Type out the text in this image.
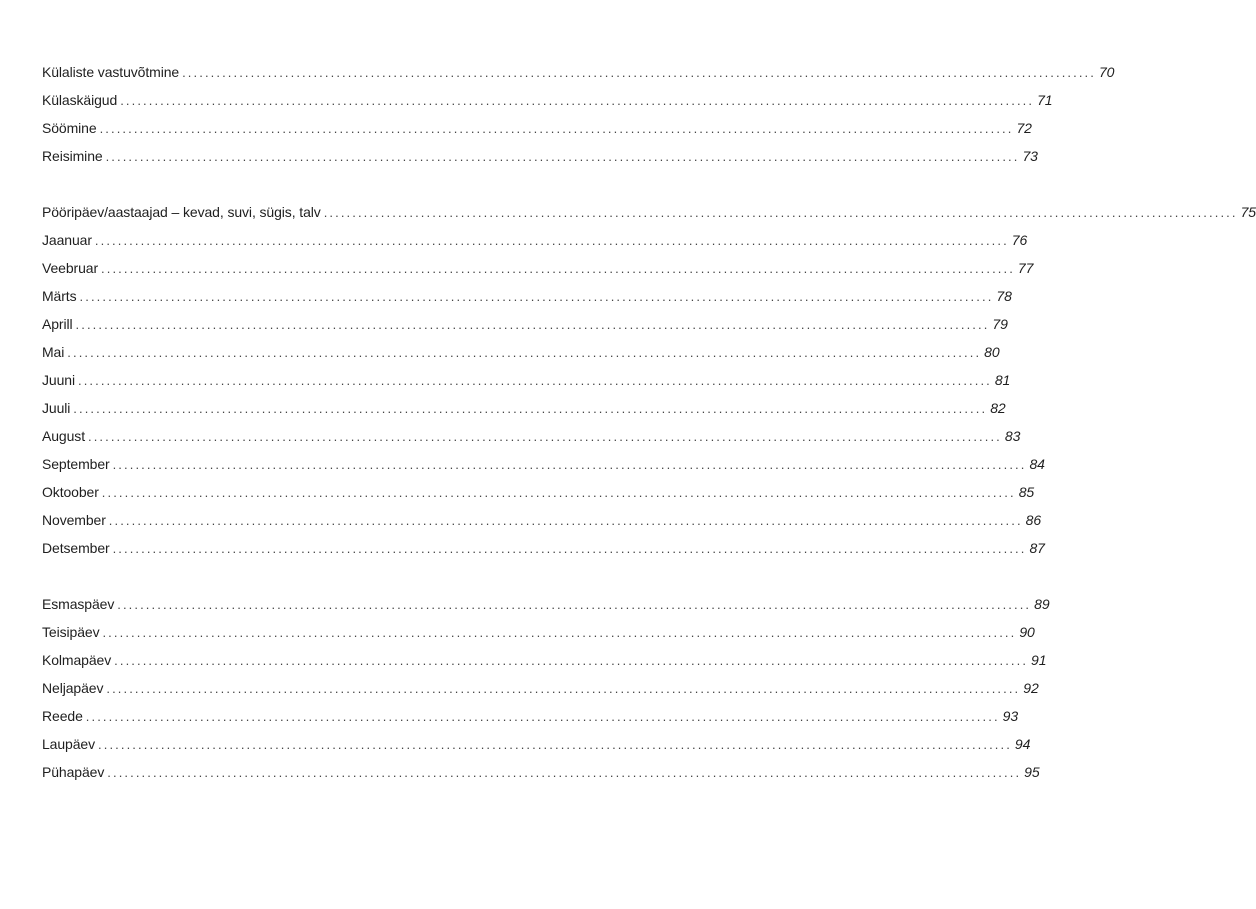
Külaliste vastuvõtmine ................................................................................................................................................................ 70
Külaskäigud ................................................................................................................................................................ 71
Söömine ................................................................................................................................................................ 72
Reisimine ................................................................................................................................................................ 73
Pööripäev/aastaajad – kevad, suvi, sügis, talv ................................................................................................................................................................ 75
Jaanuar ................................................................................................................................................................ 76
Veebruar ................................................................................................................................................................ 77
Märts ................................................................................................................................................................ 78
Aprill ................................................................................................................................................................ 79
Mai ................................................................................................................................................................ 80
Juuni ................................................................................................................................................................ 81
Juuli ................................................................................................................................................................ 82
August ................................................................................................................................................................ 83
September ................................................................................................................................................................ 84
Oktoober ................................................................................................................................................................ 85
November ................................................................................................................................................................ 86
Detsember ................................................................................................................................................................ 87
Esmaspäev ................................................................................................................................................................ 89
Teisipäev ................................................................................................................................................................ 90
Kolmapäev ................................................................................................................................................................ 91
Neljapäev ................................................................................................................................................................ 92
Reede ................................................................................................................................................................ 93
Laupäev ................................................................................................................................................................ 94
Pühapäev ................................................................................................................................................................ 95
